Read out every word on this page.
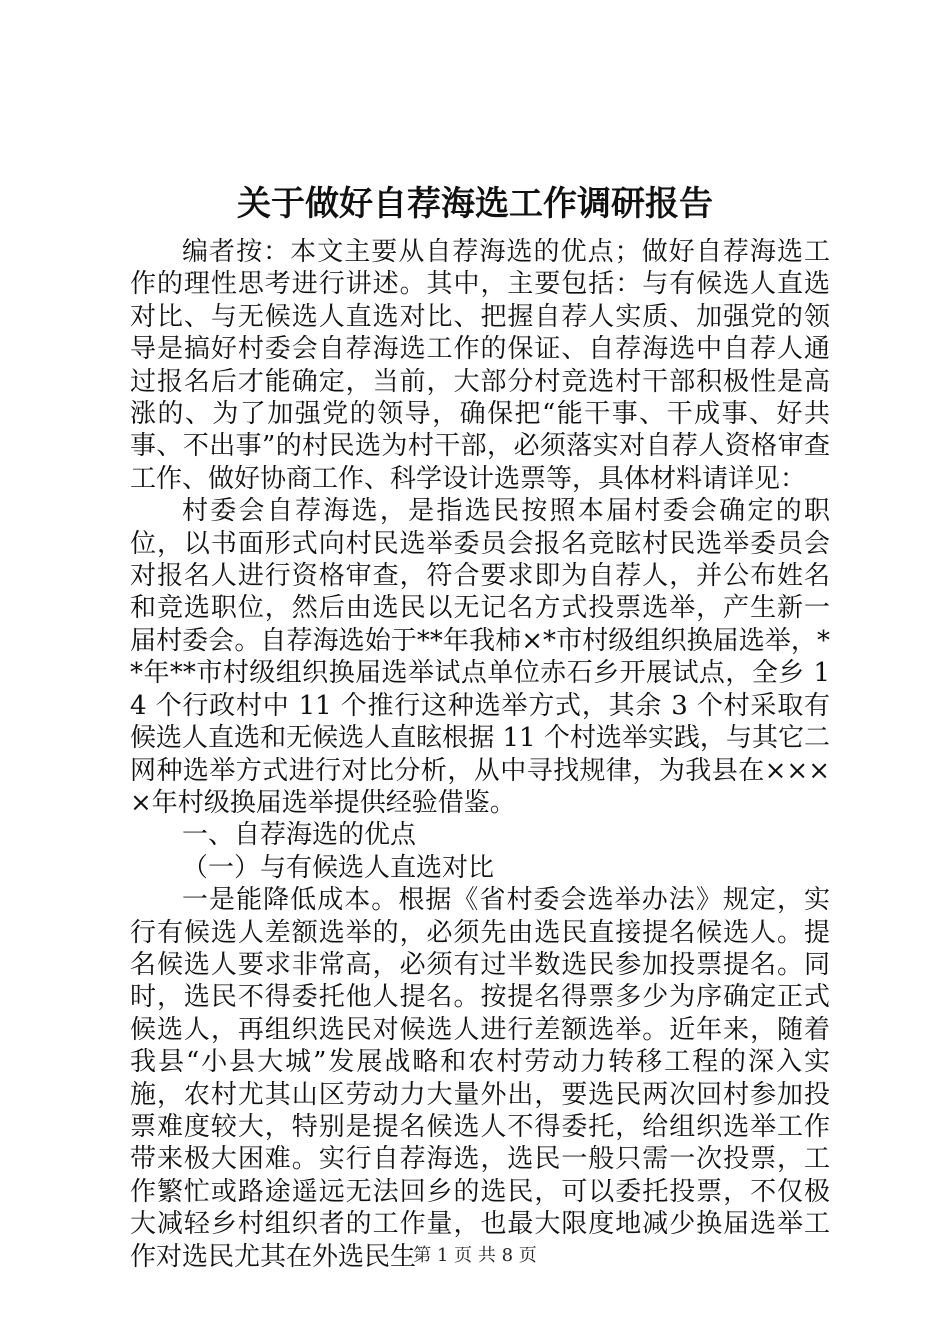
关于做好自荐海选工作调研报告

编者按：本文主要从自荐海选的优点；做好自荐海选工作的理性思考进行讲述。其中，主要包括：与有候选人直选对比、与无候选人直选对比、把握自荐人实质、加强党的领导是搞好村委会自荐海选工作的保证、自荐海选中自荐人通过报名后才能确定，当前，大部分村竞选村干部积极性是高涨的、为了加强党的领导，确保把“能干事、干成事、好共事、不出事”的村民选为村干部，必须落实对自荐人资格审查工作、做好协商工作、科学设计选票等，具体材料请详见：

村委会自荐海选，是指选民按照本届村委会确定的职位，以书面形式向村民选举委员会报名竞眩村民选举委员会对报名人进行资格审查，符合要求即为自荐人，并公布姓名和竞选职位，然后由选民以无记名方式投票选举，产生新一届村委会。自荐海选始于**年我柿×*市村级组织换届选举，**年**市村级组织换届选举试点单位赤石乡开展试点，全乡 14 个行政村中 11 个推行这种选举方式，其余 3 个村采取有候选人直选和无候选人直眩根据 11 个村选举实践，与其它二网种选举方式进行对比分析，从中寻找规律，为我县在××××年村级换届选举提供经验借鉴。

一、自荐海选的优点

（一）与有候选人直选对比

一是能降低成本。根据《省村委会选举办法》规定，实行有候选人差额选举的，必须先由选民直接提名候选人。提名候选人要求非常高，必须有过半数选民参加投票提名。同时，选民不得委托他人提名。按提名得票多少为序确定正式候选人，再组织选民对候选人进行差额选举。近年来，随着我县“小县大城”发展战略和农村劳动力转移工程的深入实施，农村尤其山区劳动力大量外出，要选民两次回村参加投票难度较大，特别是提名候选人不得委托，给组织选举工作带来极大困难。实行自荐海选，选民一般只需一次投票，工作繁忙或路途遥远无法回乡的选民，可以委托投票，不仅极大减轻乡村组织者的工作量，也最大限度地减少换届选举工作对选民尤其在外选民生

第 1 页 共 8 页
